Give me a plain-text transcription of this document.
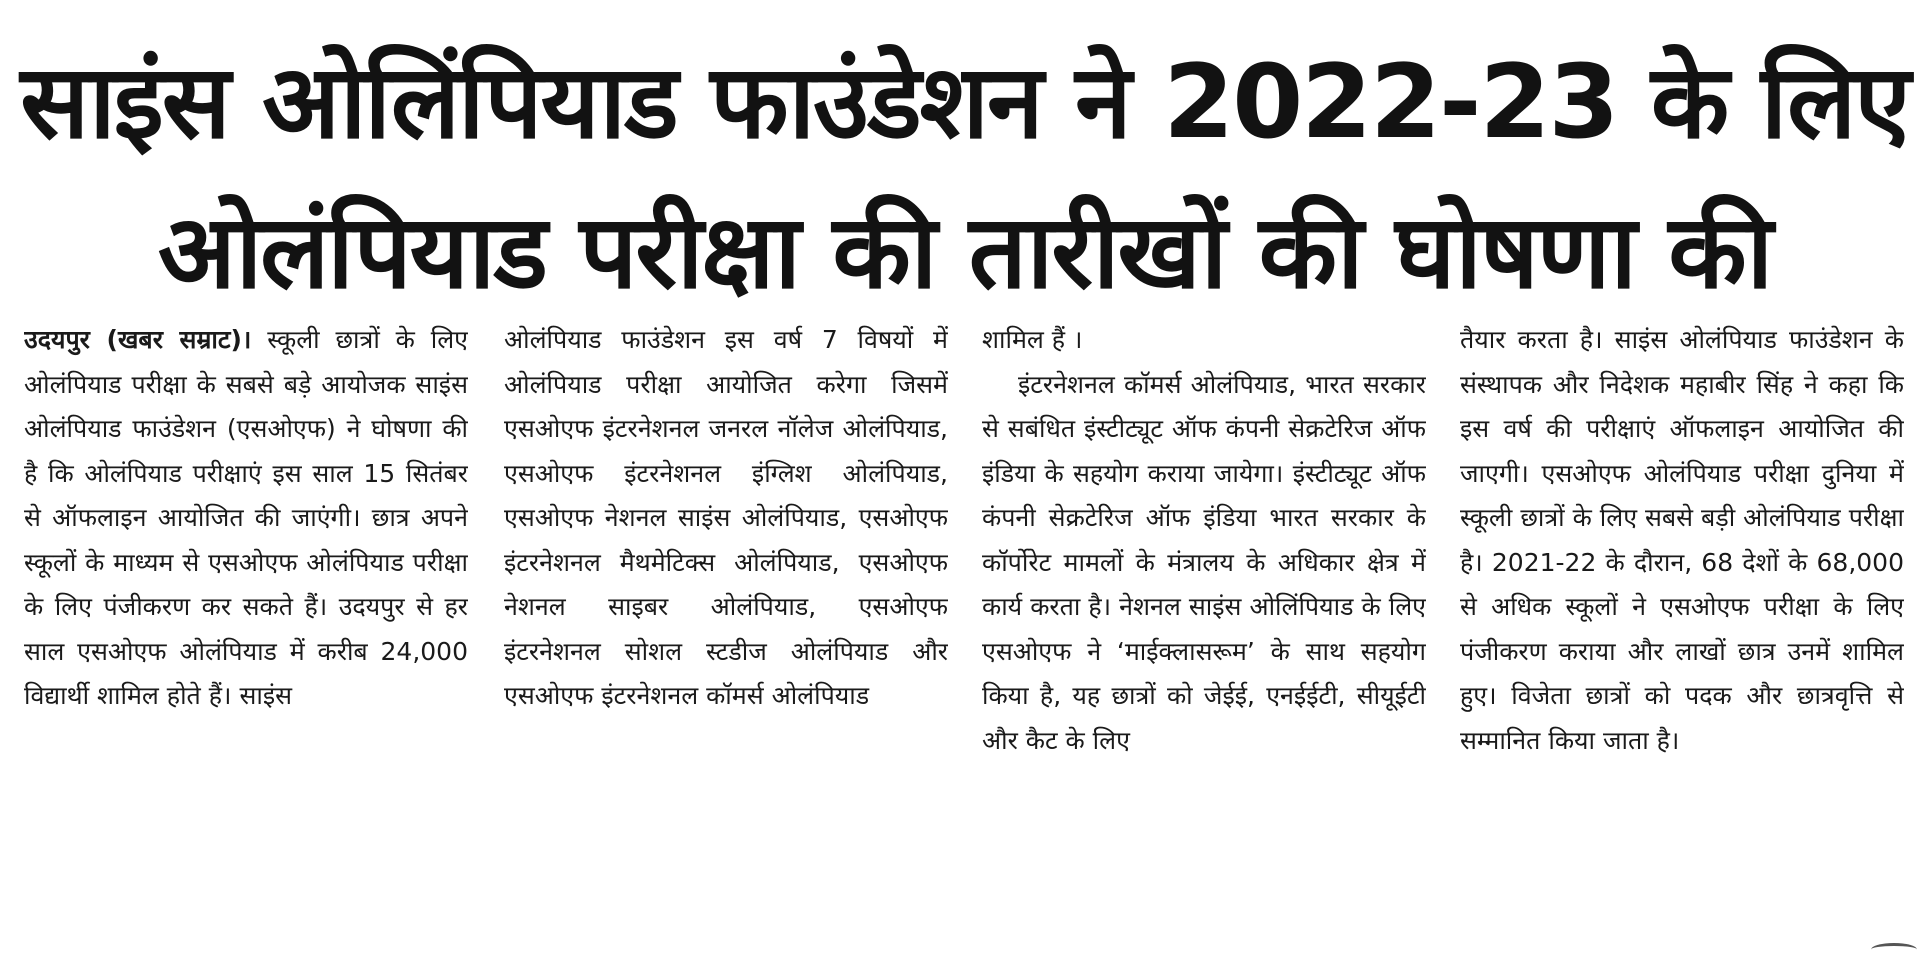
साइंस ओलिंपियाड फाउंडेशन ने 2022-23 के लिए
ओलंपियाड परीक्षा की तारीखों की घोषणा की

उदयपुर (खबर सम्राट)। स्कूली छात्रों के लिए ओलंपियाड परीक्षा के सबसे बड़े आयोजक साइंस ओलंपियाड फाउंडेशन (एसओएफ) ने घोषणा की है कि ओलंपियाड परीक्षाएं इस साल 15 सितंबर से ऑफलाइन आयोजित की जाएंगी। छात्र अपने स्कूलों के माध्यम से एसओएफ ओलंपियाड परीक्षा के लिए पंजीकरण कर सकते हैं। उदयपुर से हर साल एसओएफ ओलंपियाड में करीब 24,000 विद्यार्थी शामिल होते हैं। साइंस

ओलंपियाड फाउंडेशन इस वर्ष 7 विषयों में ओलंपियाड परीक्षा आयोजित करेगा जिसमें एसओएफ इंटरनेशनल जनरल नॉलेज ओलंपियाड, एसओएफ इंटरनेशनल इंग्लिश ओलंपियाड, एसओएफ नेशनल साइंस ओलंपियाड, एसओएफ इंटरनेशनल मैथमेटिक्स ओलंपियाड, एसओएफ नेशनल साइबर ओलंपियाड, एसओएफ इंटरनेशनल सोशल स्टडीज ओलंपियाड और एसओएफ इंटरनेशनल कॉमर्स ओलंपियाड

शामिल हैं ।

इंटरनेशनल कॉमर्स ओलंपियाड, भारत सरकार से सबंधित इंस्टीट्यूट ऑफ कंपनी सेक्रटेरिज ऑफ इंडिया के सहयोग कराया जायेगा। इंस्टीट्यूट ऑफ कंपनी सेक्रटेरिज ऑफ इंडिया भारत सरकार के कॉर्पोरेट मामलों के मंत्रालय के अधिकार क्षेत्र में कार्य करता है। नेशनल साइंस ओलिंपियाड के लिए एसओएफ ने ‘माईक्लासरूम’ के साथ सहयोग किया है, यह छात्रों को जेईई, एनईईटी, सीयूईटी और कैट के लिए

तैयार करता है। साइंस ओलंपियाड फाउंडेशन के संस्थापक और निदेशक महाबीर सिंह ने कहा कि इस वर्ष की परीक्षाएं ऑफलाइन आयोजित की जाएगी। एसओएफ ओलंपियाड परीक्षा दुनिया में स्कूली छात्रों के लिए सबसे बड़ी ओलंपियाड परीक्षा है। 2021-22 के दौरान, 68 देशों के 68,000 से अधिक स्कूलों ने एसओएफ परीक्षा के लिए पंजीकरण कराया और लाखों छात्र उनमें शामिल हुए। विजेता छात्रों को पदक और छात्रवृत्ति से सम्मानित किया जाता है।
